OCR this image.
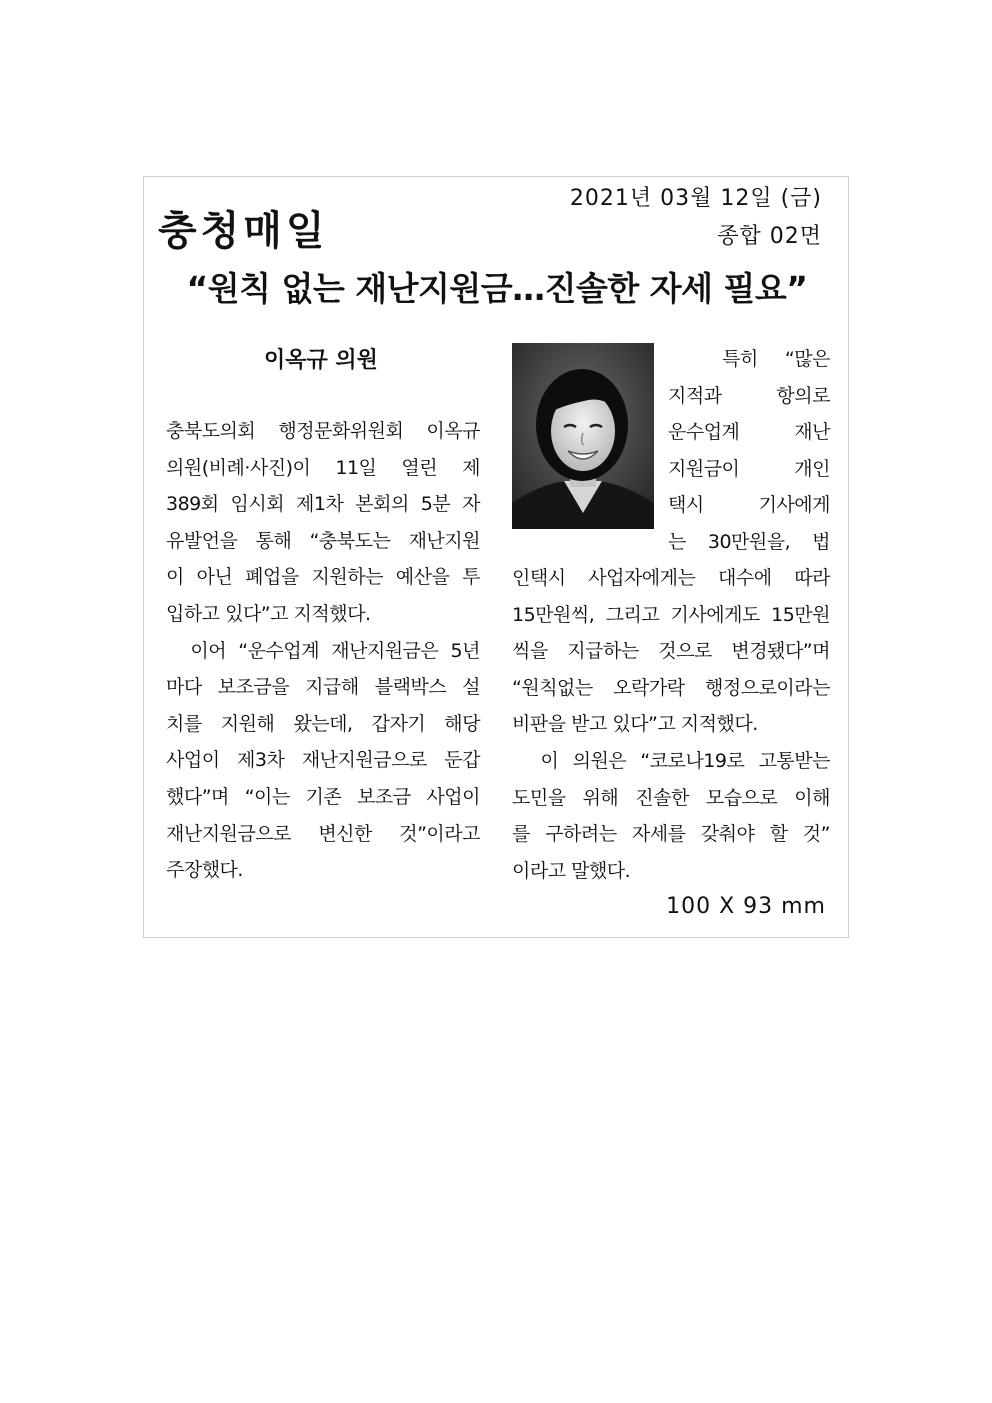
2021년 03월 12일 (금)
종합 02면
충청매일
“원칙 없는 재난지원금…진솔한 자세 필요”
이옥규 의원
충북도의회 행정문화위원회 이옥규
의원(비례·사진)이 11일 열린 제
389회 임시회 제1차 본회의 5분 자
유발언을 통해 “충북도는 재난지원
이 아닌 폐업을 지원하는 예산을 투
입하고 있다”고 지적했다.
이어 “운수업계 재난지원금은 5년
마다 보조금을 지급해 블랙박스 설
치를 지원해 왔는데, 갑자기 해당
사업이 제3차 재난지원금으로 둔갑
했다”며 “이는 기존 보조금 사업이
재난지원금으로 변신한 것”이라고
주장했다.
특히 “많은
지적과 항의로
운수업계 재난
지원금이 개인
택시 기사에게
는 30만원을, 법
인택시 사업자에게는 대수에 따라
15만원씩, 그리고 기사에게도 15만원
씩을 지급하는 것으로 변경됐다”며
“원칙없는 오락가락 행정으로이라는
비판을 받고 있다”고 지적했다.
이 의원은 “코로나19로 고통받는
도민을 위해 진솔한 모습으로 이해
를 구하려는 자세를 갖춰야 할 것”
이라고 말했다.
100 X 93 mm
